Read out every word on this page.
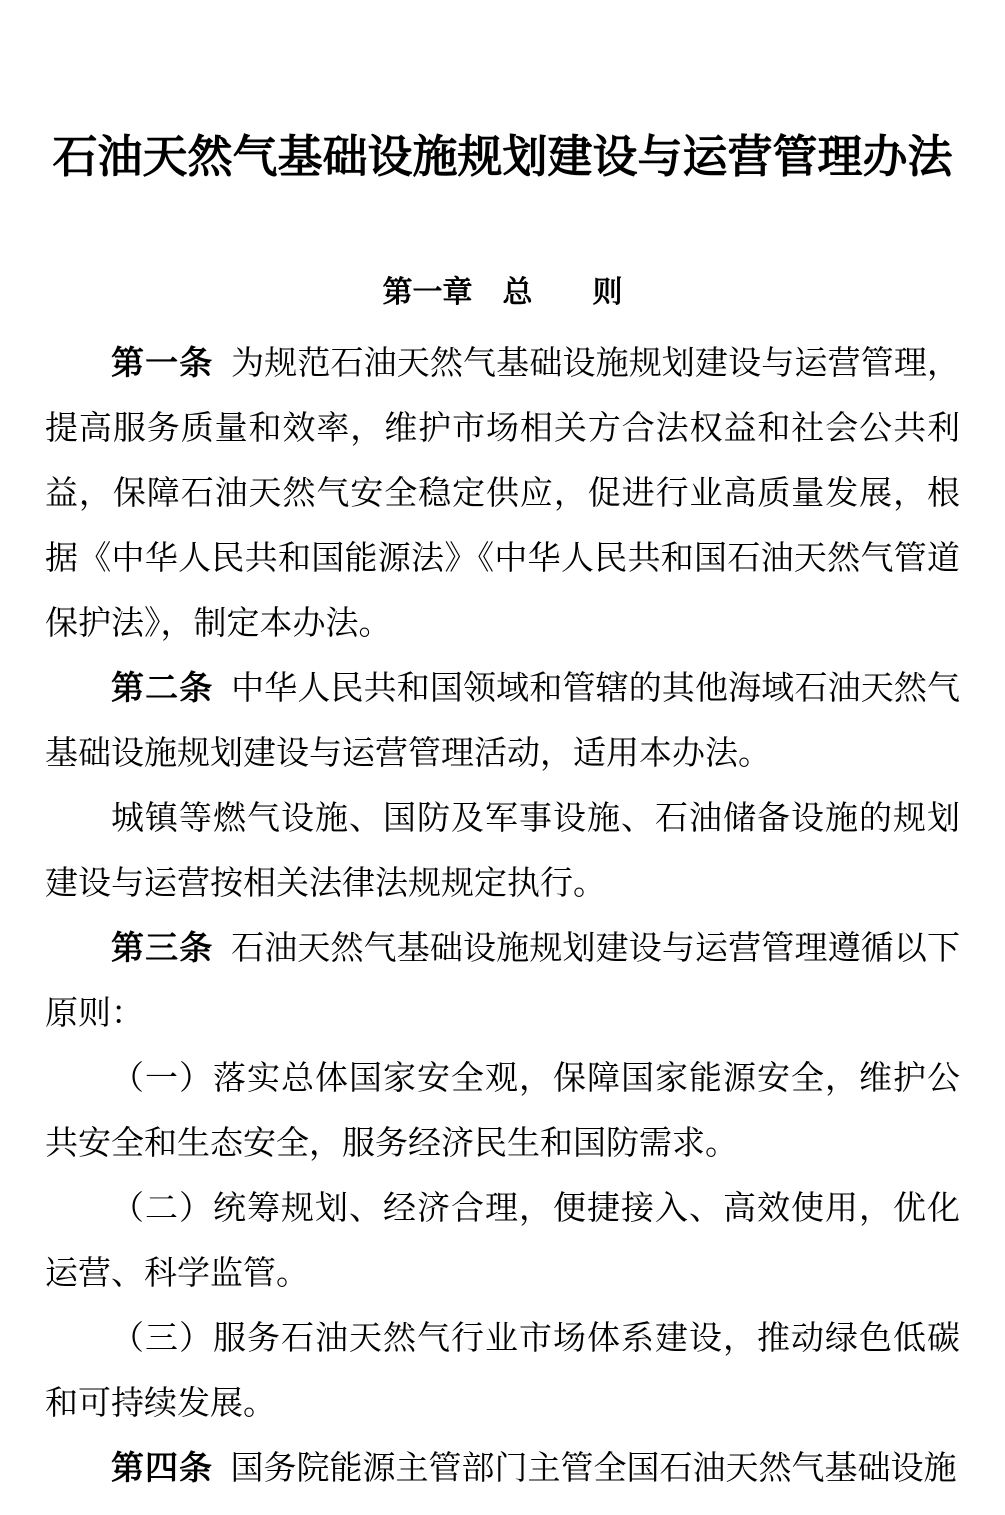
石油天然气基础设施规划建设与运营管理办法
第一章　总　　则

第一条 为规范石油天然气基础设施规划建设与运营管理，提高服务质量和效率，维护市场相关方合法权益和社会公共利益，保障石油天然气安全稳定供应，促进行业高质量发展，根据《中华人民共和国能源法》《中华人民共和国石油天然气管道保护法》，制定本办法。

第二条 中华人民共和国领域和管辖的其他海域石油天然气基础设施规划建设与运营管理活动，适用本办法。

城镇等燃气设施、国防及军事设施、石油储备设施的规划建设与运营按相关法律法规规定执行。

第三条 石油天然气基础设施规划建设与运营管理遵循以下原则：

（一）落实总体国家安全观，保障国家能源安全，维护公共安全和生态安全，服务经济民生和国防需求。

（二）统筹规划、经济合理，便捷接入、高效使用，优化运营、科学监管。

（三）服务石油天然气行业市场体系建设，推动绿色低碳和可持续发展。

第四条 国务院能源主管部门主管全国石油天然气基础设施
